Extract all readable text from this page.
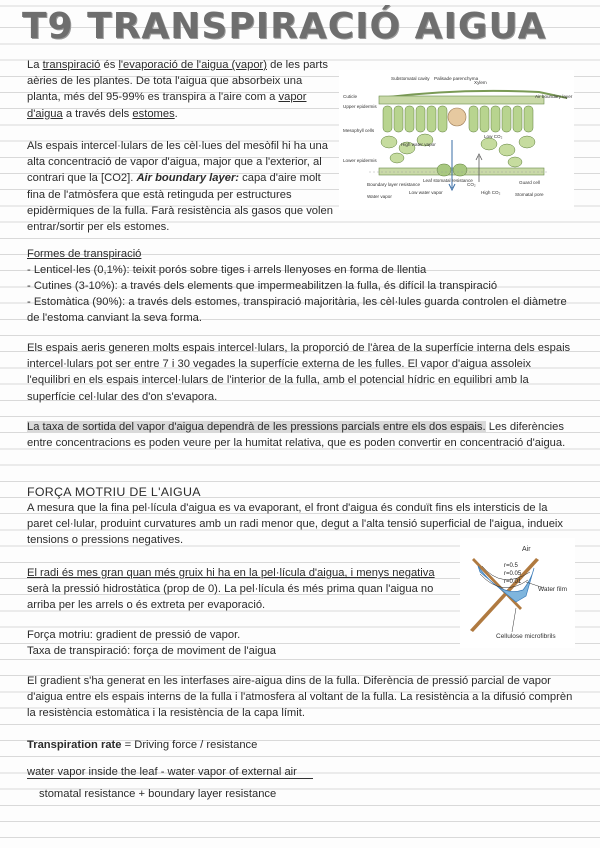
T9 TRANSPIRACIÓ AIGUA

La transpiració és l'evaporació de l'aigua (vapor) de les parts aèries de les plantes. De tota l'aigua que absorbeix una planta, més del 95-99% es transpira a l'aire com a vapor d'aigua a través dels estomes.

Als espais intercel·lulars de les cèl·lues del mesòfil hi ha una alta concentració de vapor d'aigua, major que a l'exterior, al contrari que la [CO2]. Air boundary layer: capa d'aire molt fina de l'atmòsfera que està retinguda per estructures epidèrmiques de la fulla. Farà resistència als gasos que volen entrar/sortir per els estomes.

Substomatal cavity Palisade parenchyma
Xylem
Cuticle
Upper epidermis
Air boundary layer
Mesophyll cells
High water vapor
Low CO₂
Lower epidermis
Boundary layer resistance
Leaf stomatal resistance
Water vapor
Low water vapor
CO₂
High CO₂
Guard cell
Stomatal pore

Formes de transpiració

- Lenticel·les (0,1%): teixit porós sobre tiges i arrels llenyoses en forma de llentia

- Cutines (3-10%): a través dels elements que impermeabilitzen la fulla, és difícil la transpiració

- Estomàtica (90%): a través dels estomes, transpiració majoritària, les cèl·lules guarda controlen el diàmetre de l'estoma canviant la seva forma.

Els espais aeris generen molts espais intercel·lulars, la proporció de l'àrea de la superfície interna dels espais intercel·lulars pot ser entre 7 i 30 vegades la superfície externa de les fulles. El vapor d'aigua assoleix l'equilibri en els espais intercel·lulars de l'interior de la fulla, amb el potencial hídric en equilibri amb la superfície cel·lular des d'on s'evapora.

La taxa de sortida del vapor d'aigua dependrà de les pressions parcials entre els dos espais. Les diferències entre concentracions es poden veure per la humitat relativa, que es poden convertir en concentració d'aigua.

FORÇA MOTRIU DE L'AIGUA

A mesura que la fina pel·lícula d'aigua es va evaporant, el front d'aigua és conduït fins els intersticis de la paret cel·lular, produint curvatures amb un radi menor que, degut a l'alta tensió superficial de l'aigua, indueix tensions o pressions negatives.

El radi és mes gran quan més gruix hi ha en la pel·lícula d'aigua, i menys negativa serà la pressió hidrostàtica (prop de 0). La pel·lícula és més prima quan l'aigua no arriba per les arrels o és extreta per evaporació.

Air
r=0.5
r=0.05
r=0.01
Water film
Cellulose microfibrils

Força motriu: gradient de pressió de vapor.

Taxa de transpiració: força de moviment de l'aigua

El gradient s'ha generat en les interfases aire-aigua dins de la fulla. Diferència de pressió parcial de vapor d'aigua entre els espais interns de la fulla i l'atmosfera al voltant de la fulla. La resistència a la difusió comprèn la resistència estomàtica i la resistència de la capa límit.

Transpiration rate = Driving force / resistance

water vapor inside the leaf - water vapor of external air

stomatal resistance + boundary layer resistance
